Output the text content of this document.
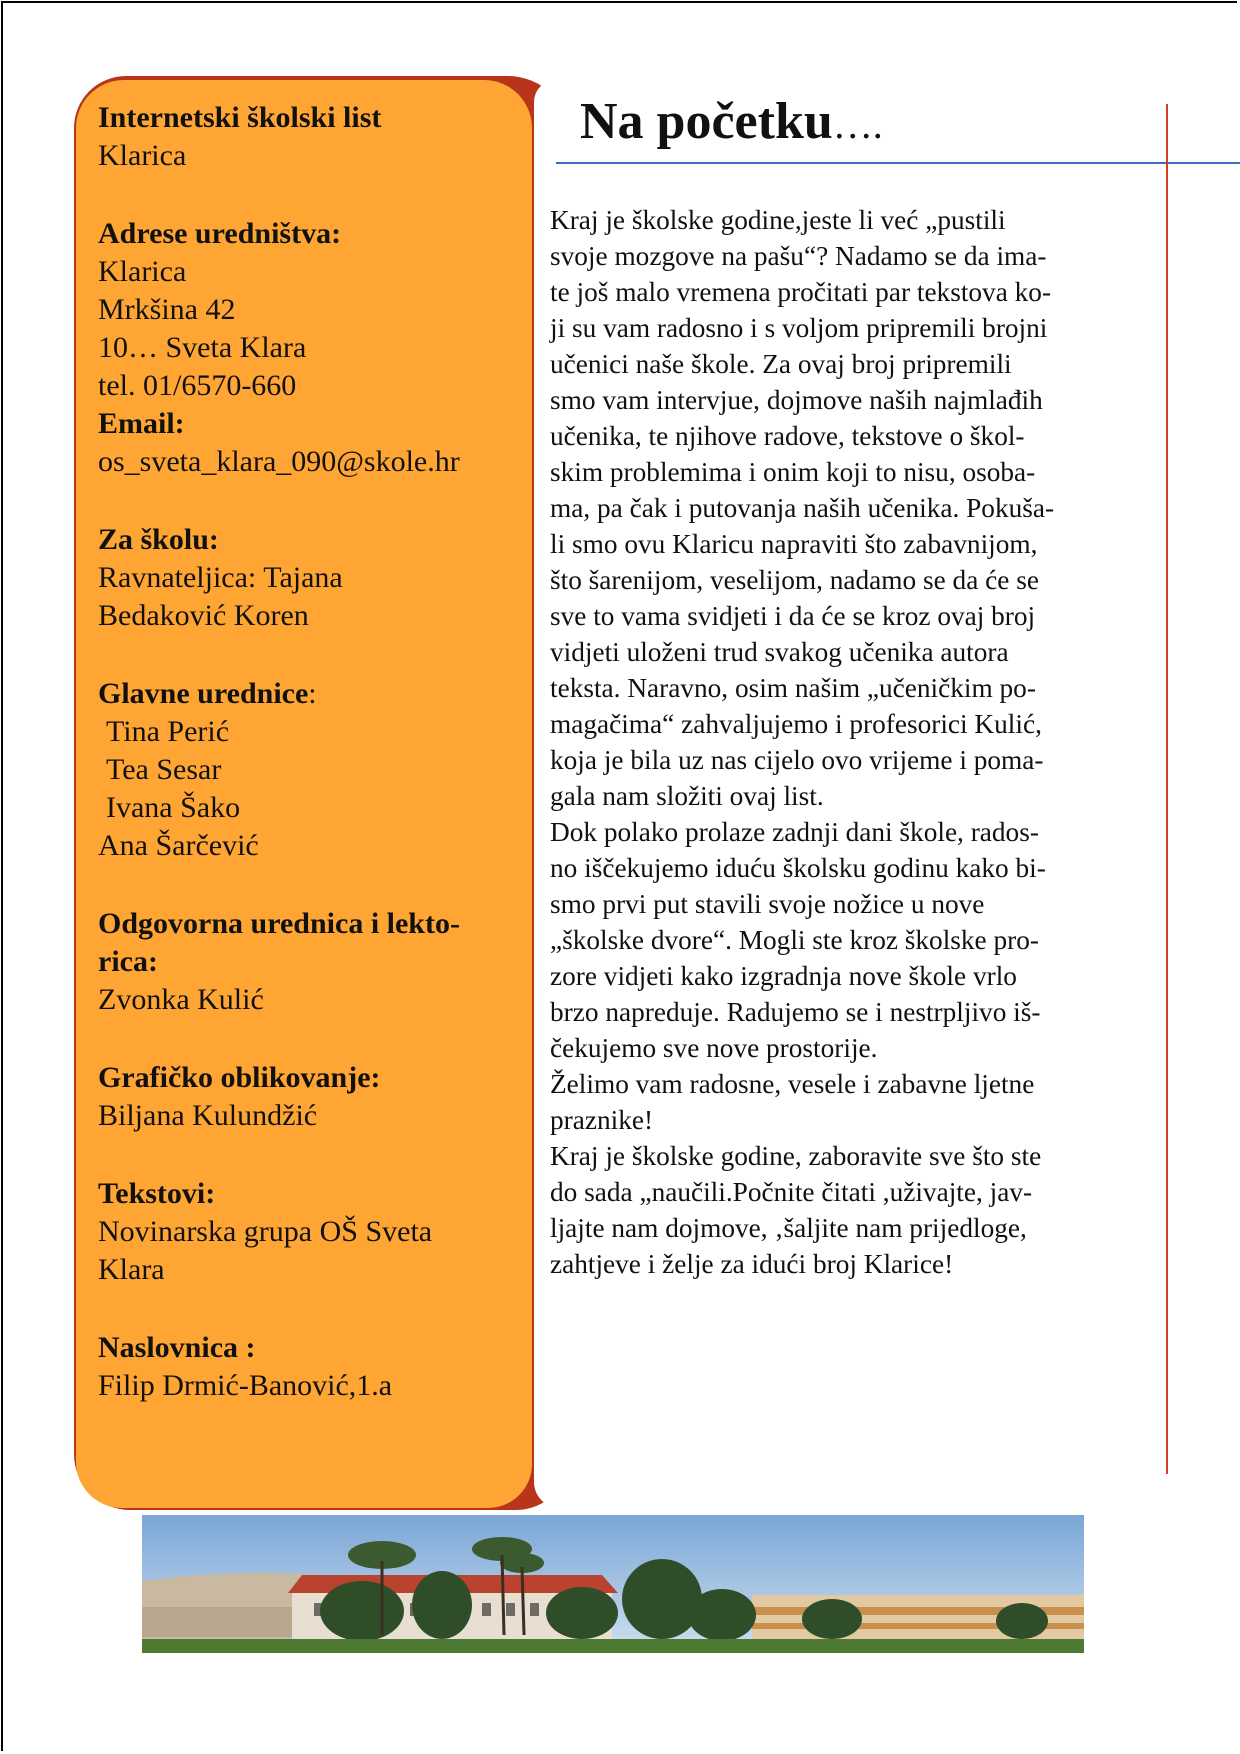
Internetski školski list
Klarica
Adrese uredništva:
Klarica
Mrkšina 42
10… Sveta Klara
tel. 01/6570-660
Email:
os_sveta_klara_090@skole.hr
Za školu:
Ravnateljica: Tajana
Bedaković Koren
Glavne urednice:
Tina Perić
Tea Sesar
Ivana Šako
Ana Šarčević
Odgovorna urednica i lekto-
rica:
Zvonka Kulić
Grafičko oblikovanje:
Biljana Kulundžić
Tekstovi:
Novinarska grupa OŠ Sveta
Klara
Naslovnica :
Filip Drmić-Banović,1.a
Na početku….
Kraj je školske godine,jeste li već „pustili
svoje mozgove na pašu“? Nadamo se da ima-
te još malo vremena pročitati par tekstova ko-
ji su vam radosno i s voljom pripremili brojni
učenici naše škole. Za ovaj broj pripremili
smo vam intervjue, dojmove naših najmlađih
učenika, te njihove radove, tekstove o škol-
skim problemima i onim koji to nisu, osoba-
ma, pa čak i putovanja naših učenika. Pokuša-
li smo ovu Klaricu napraviti što zabavnijom,
što šarenijom, veselijom, nadamo se da će se
sve to vama svidjeti i da će se kroz ovaj broj
vidjeti uloženi trud svakog učenika autora
teksta. Naravno, osim našim „učeničkim po-
magačima“ zahvaljujemo i profesorici Kulić,
koja je bila uz nas cijelo ovo vrijeme i poma-
gala nam složiti ovaj list.
Dok polako prolaze zadnji dani škole, rados-
no iščekujemo iduću školsku godinu kako bi-
smo prvi put stavili svoje nožice u nove
„školske dvore“. Mogli ste kroz školske pro-
zore vidjeti kako izgradnja nove škole vrlo
brzo napreduje. Radujemo se i nestrpljivo iš-
čekujemo sve nove prostorije.
Želimo vam radosne, vesele i zabavne ljetne
praznike!
Kraj je školske godine, zaboravite sve što ste
do sada „naučili.Počnite čitati ,uživajte, jav-
ljajte nam dojmove, ‚šaljite nam prijedloge,
zahtjeve i želje za idući broj Klarice!
